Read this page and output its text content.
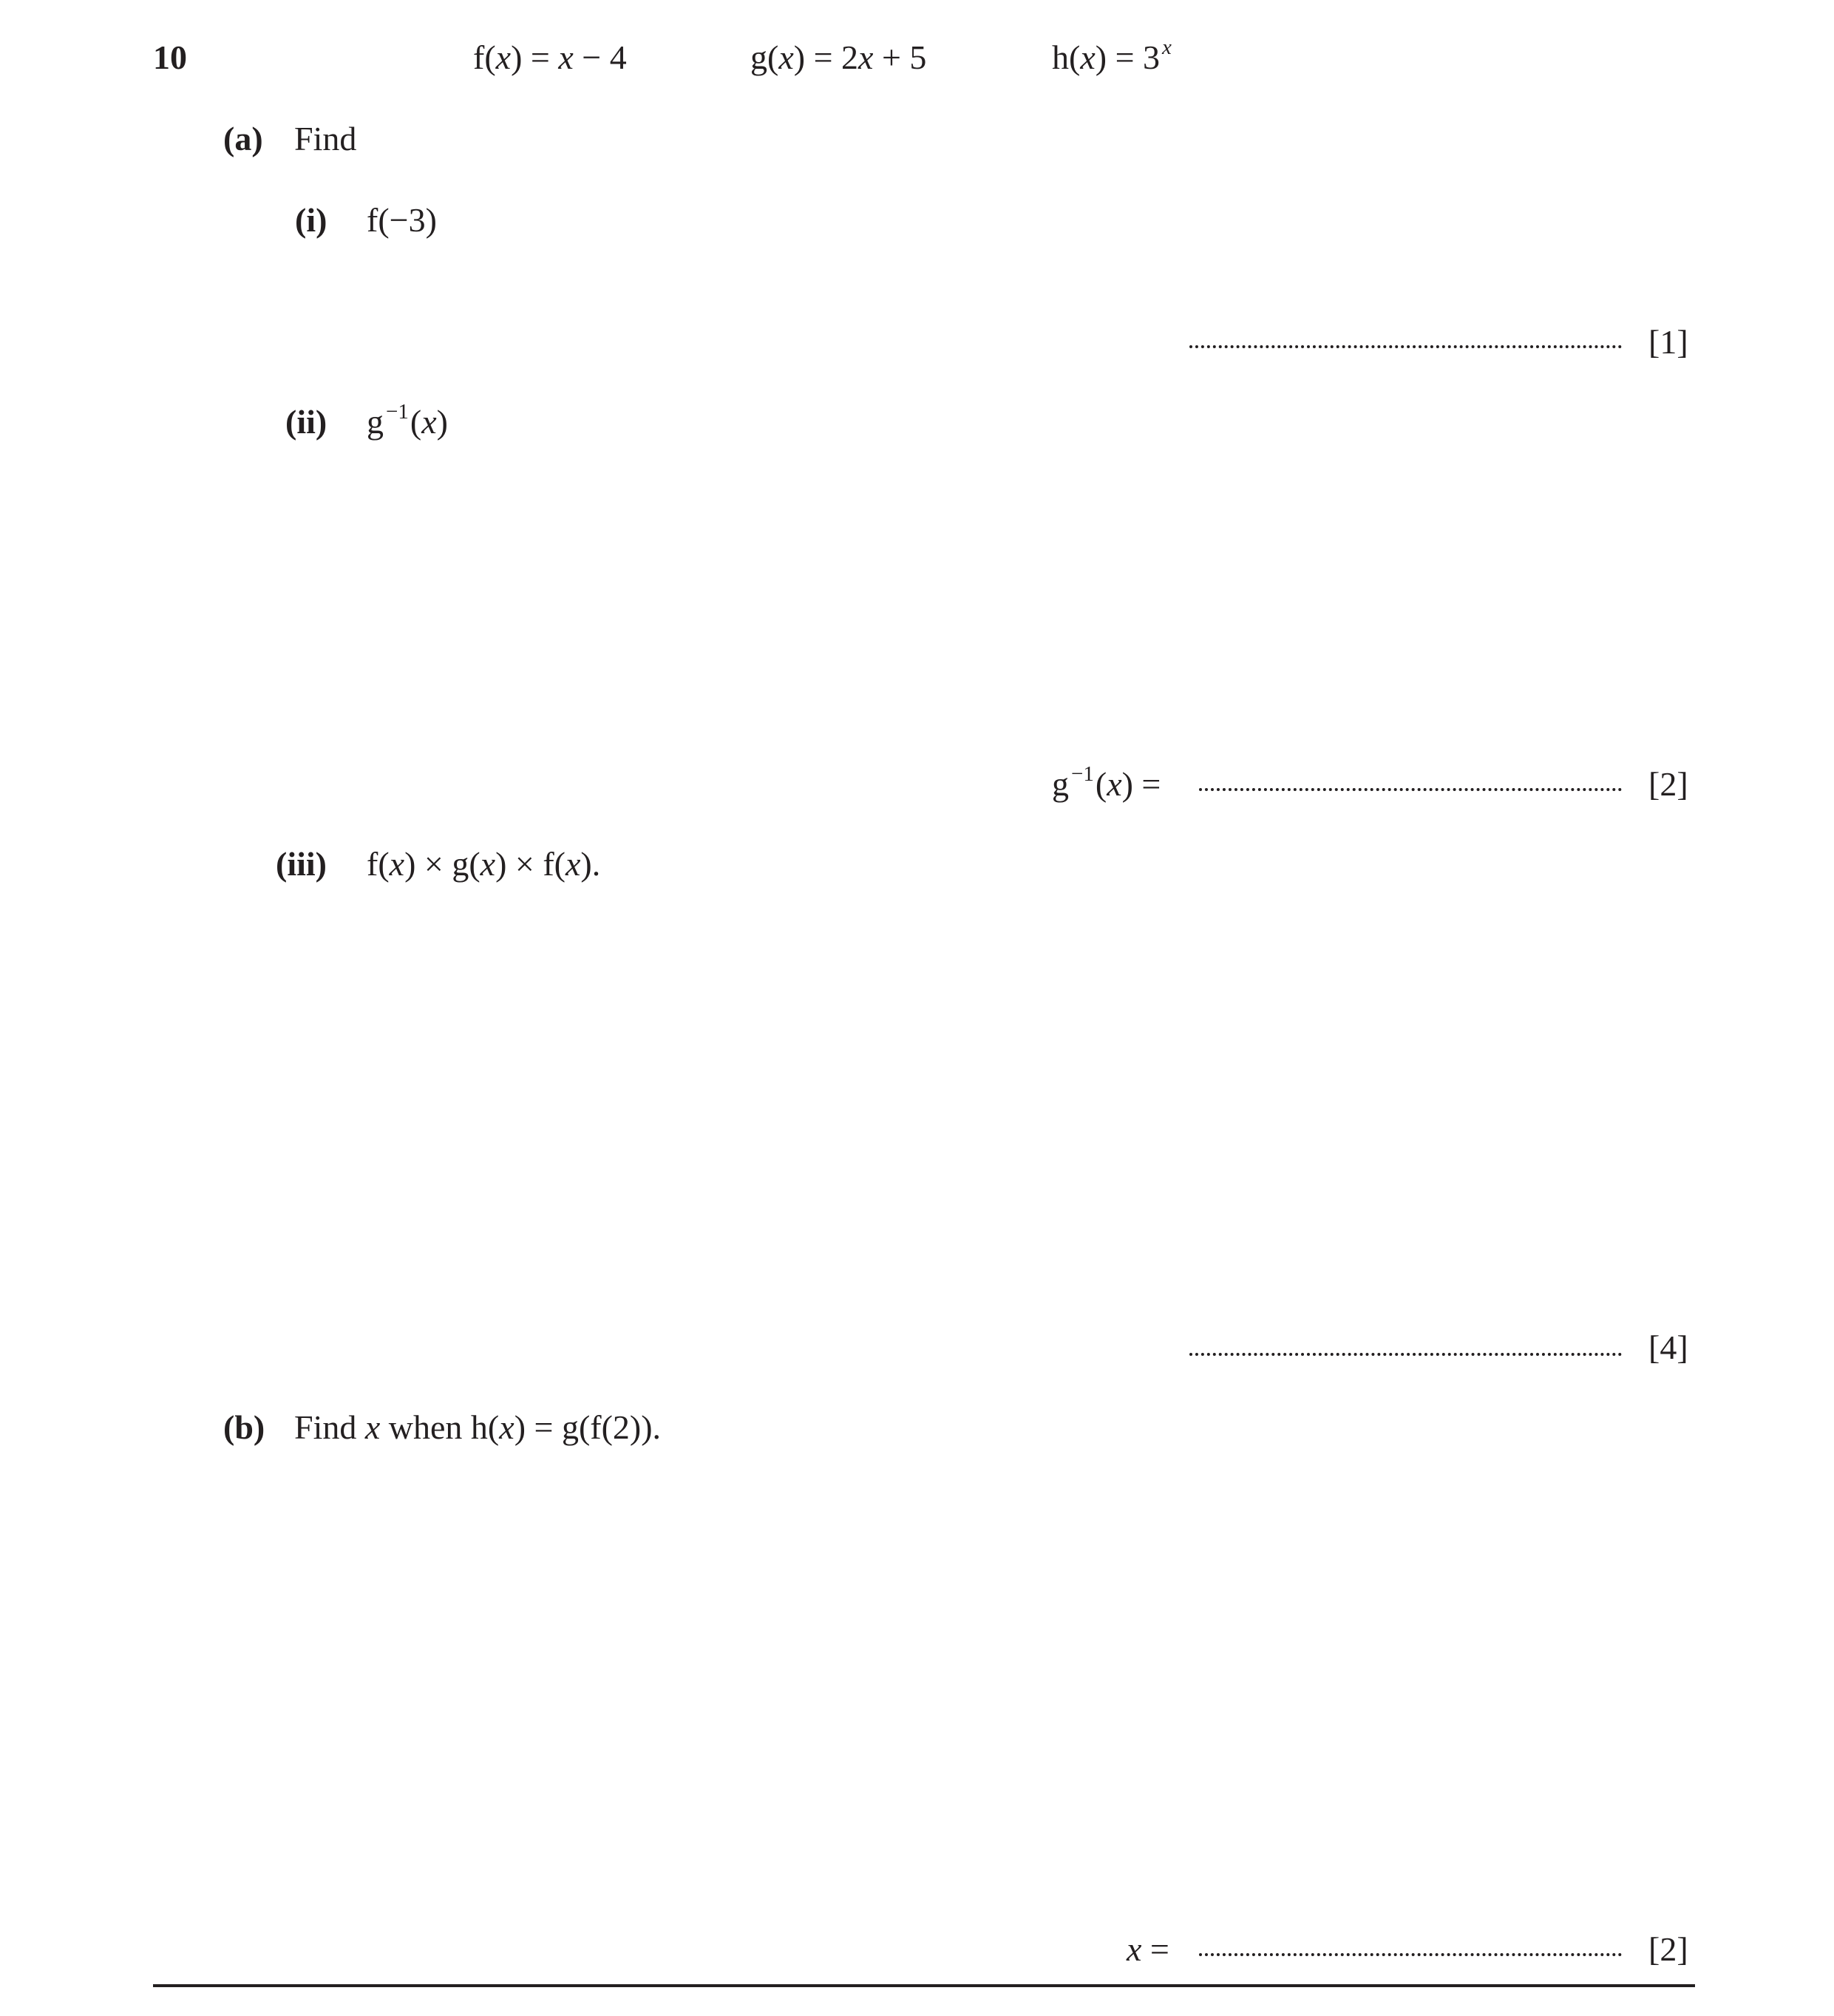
10	f(x) = x − 4	g(x) = 2x + 5	h(x) = 3 $^x$
(a) Find
(i) f(−3)
[1]
(ii) g $^{-1}$(x)
g $^{-1}$(x) =	[2]
(iii) f(x) × g(x) × f(x).
[4]
(b) Find x when h(x) = g(f(2)).
x =	[2]
